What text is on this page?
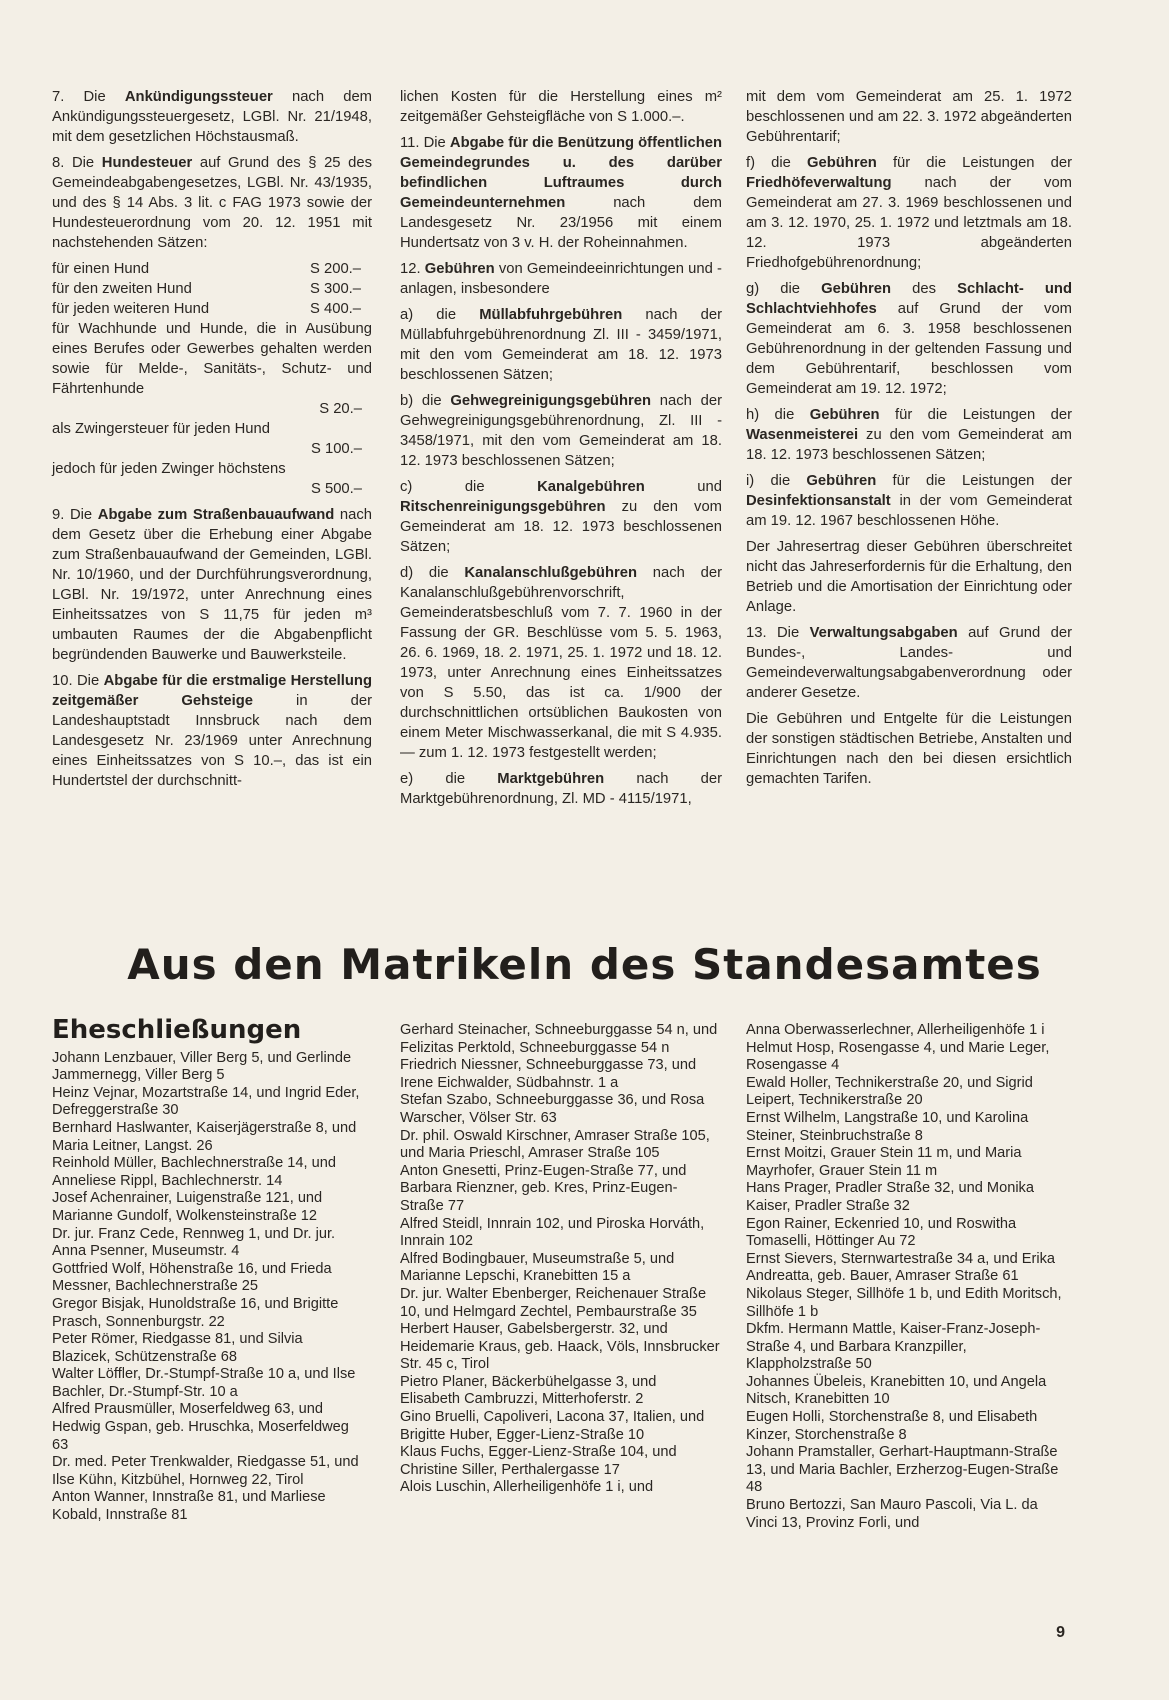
7. Die Ankündigungssteuer nach dem Ankündigungssteuergesetz, LGBl. Nr. 21/1948, mit dem gesetzlichen Höchstausmaß.

8. Die Hundesteuer auf Grund des § 25 des Gemeindeabgabengesetzes, LGBl. Nr. 43/1935, und des § 14 Abs. 3 lit. c FAG 1973 sowie der Hundesteuerordnung vom 20. 12. 1951 mit nachstehenden Sätzen:

für einen Hund	S 200.–
für den zweiten Hund	S 300.–
für jeden weiteren Hund	S 400.–
für Wachhunde und Hunde, die in Ausübung eines Berufes oder Gewerbes gehalten werden sowie für Melde-, Sanitäts-, Schutz- und Fährtenhunde
S 20.–
als Zwingersteuer für jeden Hund
S 100.–
jedoch für jeden Zwinger höchstens
S 500.–

9. Die Abgabe zum Straßenbauaufwand nach dem Gesetz über die Erhebung einer Abgabe zum Straßenbauaufwand der Gemeinden, LGBl. Nr. 10/1960, und der Durchführungsverordnung, LGBl. Nr. 19/1972, unter Anrechnung eines Einheitssatzes von S 11,75 für jeden m³ umbauten Raumes der die Abgabenpflicht begründenden Bauwerke und Bauwerksteile.

10. Die Abgabe für die erstmalige Herstellung zeitgemäßer Gehsteige in der Landeshauptstadt Innsbruck nach dem Landesgesetz Nr. 23/1969 unter Anrechnung eines Einheitssatzes von S 10.–, das ist ein Hundertstel der durchschnitt-

lichen Kosten für die Herstellung eines m² zeitgemäßer Gehsteigfläche von S 1.000.–.

11. Die Abgabe für die Benützung öffentlichen Gemeindegrundes u. des darüber befindlichen Luftraumes durch Gemeindeunternehmen nach dem Landesgesetz Nr. 23/1956 mit einem Hundertsatz von 3 v. H. der Roheinnahmen.

12. Gebühren von Gemeindeeinrichtungen und -anlagen, insbesondere

a) die Müllabfuhrgebühren nach der Müllabfuhrgebührenordnung Zl. III - 3459/1971, mit den vom Gemeinderat am 18. 12. 1973 beschlossenen Sätzen;

b) die Gehwegreinigungsgebühren nach der Gehwegreinigungsgebührenordnung, Zl. III - 3458/1971, mit den vom Gemeinderat am 18. 12. 1973 beschlossenen Sätzen;

c) die Kanalgebühren und Ritschenreinigungsgebühren zu den vom Gemeinderat am 18. 12. 1973 beschlossenen Sätzen;

d) die Kanalanschlußgebühren nach der Kanalanschlußgebührenvorschrift, Gemeinderatsbeschluß vom 7. 7. 1960 in der Fassung der GR. Beschlüsse vom 5. 5. 1963, 26. 6. 1969, 18. 2. 1971, 25. 1. 1972 und 18. 12. 1973, unter Anrechnung eines Einheitssatzes von S 5.50, das ist ca. 1/900 der durchschnittlichen ortsüblichen Baukosten von einem Meter Mischwasserkanal, die mit S 4.935.— zum 1. 12. 1973 festgestellt werden;

e) die Marktgebühren nach der Marktgebührenordnung, Zl. MD - 4115/1971,

mit dem vom Gemeinderat am 25. 1. 1972 beschlossenen und am 22. 3. 1972 abgeänderten Gebührentarif;

f) die Gebühren für die Leistungen der Friedhöfeverwaltung nach der vom Gemeinderat am 27. 3. 1969 beschlossenen und am 3. 12. 1970, 25. 1. 1972 und letztmals am 18. 12. 1973 abgeänderten Friedhofgebührenordnung;

g) die Gebühren des Schlacht- und Schlachtviehhofes auf Grund der vom Gemeinderat am 6. 3. 1958 beschlossenen Gebührenordnung in der geltenden Fassung und dem Gebührentarif, beschlossen vom Gemeinderat am 19. 12. 1972;

h) die Gebühren für die Leistungen der Wasenmeisterei zu den vom Gemeinderat am 18. 12. 1973 beschlossenen Sätzen;

i) die Gebühren für die Leistungen der Desinfektionsanstalt in der vom Gemeinderat am 19. 12. 1967 beschlossenen Höhe.

Der Jahresertrag dieser Gebühren überschreitet nicht das Jahreserfordernis für die Erhaltung, den Betrieb und die Amortisation der Einrichtung oder Anlage.

13. Die Verwaltungsabgaben auf Grund der Bundes-, Landes- und Gemeindeverwaltungsabgabenverordnung oder anderer Gesetze.

Die Gebühren und Entgelte für die Leistungen der sonstigen städtischen Betriebe, Anstalten und Einrichtungen nach den bei diesen ersichtlich gemachten Tarifen.

Aus den Matrikeln des Standesamtes
Eheschließungen

Johann Lenzbauer, Viller Berg 5, und Gerlinde Jammernegg, Viller Berg 5

Heinz Vejnar, Mozartstraße 14, und Ingrid Eder, Defreggerstraße 30

Bernhard Haslwanter, Kaiserjägerstraße 8, und Maria Leitner, Langst. 26

Reinhold Müller, Bachlechnerstraße 14, und Anneliese Rippl, Bachlechnerstr. 14

Josef Achenrainer, Luigenstraße 121, und Marianne Gundolf, Wolkensteinstraße 12

Dr. jur. Franz Cede, Rennweg 1, und Dr. jur. Anna Psenner, Museumstr. 4

Gottfried Wolf, Höhenstraße 16, und Frieda Messner, Bachlechnerstraße 25

Gregor Bisjak, Hunoldstraße 16, und Brigitte Prasch, Sonnenburgstr. 22

Peter Römer, Riedgasse 81, und Silvia Blazicek, Schützenstraße 68

Walter Löffler, Dr.-Stumpf-Straße 10 a, und Ilse Bachler, Dr.-Stumpf-Str. 10 a

Alfred Prausmüller, Moserfeldweg 63, und Hedwig Gspan, geb. Hruschka, Moserfeldweg 63

Dr. med. Peter Trenkwalder, Riedgasse 51, und Ilse Kühn, Kitzbühel, Hornweg 22, Tirol

Anton Wanner, Innstraße 81, und Marliese Kobald, Innstraße 81

Gerhard Steinacher, Schneeburggasse 54 n, und Felizitas Perktold, Schneeburggasse 54 n

Friedrich Niessner, Schneeburggasse 73, und Irene Eichwalder, Südbahnstr. 1 a

Stefan Szabo, Schneeburggasse 36, und Rosa Warscher, Völser Str. 63

Dr. phil. Oswald Kirschner, Amraser Straße 105, und Maria Prieschl, Amraser Straße 105

Anton Gnesetti, Prinz-Eugen-Straße 77, und Barbara Rienzner, geb. Kres, Prinz-Eugen-Straße 77

Alfred Steidl, Innrain 102, und Piroska Horváth, Innrain 102

Alfred Bodingbauer, Museumstraße 5, und Marianne Lepschi, Kranebitten 15 a

Dr. jur. Walter Ebenberger, Reichenauer Straße 10, und Helmgard Zechtel, Pembaurstraße 35

Herbert Hauser, Gabelsbergerstr. 32, und Heidemarie Kraus, geb. Haack, Völs, Innsbrucker Str. 45 c, Tirol

Pietro Planer, Bäckerbühelgasse 3, und Elisabeth Cambruzzi, Mitterhoferstr. 2

Gino Bruelli, Capoliveri, Lacona 37, Italien, und Brigitte Huber, Egger-Lienz-Straße 10

Klaus Fuchs, Egger-Lienz-Straße 104, und Christine Siller, Perthalergasse 17

Alois Luschin, Allerheiligenhöfe 1 i, und

Anna Oberwasserlechner, Allerheiligenhöfe 1 i

Helmut Hosp, Rosengasse 4, und Marie Leger, Rosengasse 4

Ewald Holler, Technikerstraße 20, und Sigrid Leipert, Technikerstraße 20

Ernst Wilhelm, Langstraße 10, und Karolina Steiner, Steinbruchstraße 8

Ernst Moitzi, Grauer Stein 11 m, und Maria Mayrhofer, Grauer Stein 11 m

Hans Prager, Pradler Straße 32, und Monika Kaiser, Pradler Straße 32

Egon Rainer, Eckenried 10, und Roswitha Tomaselli, Höttinger Au 72

Ernst Sievers, Sternwartestraße 34 a, und Erika Andreatta, geb. Bauer, Amraser Straße 61

Nikolaus Steger, Sillhöfe 1 b, und Edith Moritsch, Sillhöfe 1 b

Dkfm. Hermann Mattle, Kaiser-Franz-Joseph-Straße 4, und Barbara Kranzpiller, Klappholzstraße 50

Johannes Übeleis, Kranebitten 10, und Angela Nitsch, Kranebitten 10

Eugen Holli, Storchenstraße 8, und Elisabeth Kinzer, Storchenstraße 8

Johann Pramstaller, Gerhart-Hauptmann-Straße 13, und Maria Bachler, Erzherzog-Eugen-Straße 48

Bruno Bertozzi, San Mauro Pascoli, Via L. da Vinci 13, Provinz Forli, und

9
